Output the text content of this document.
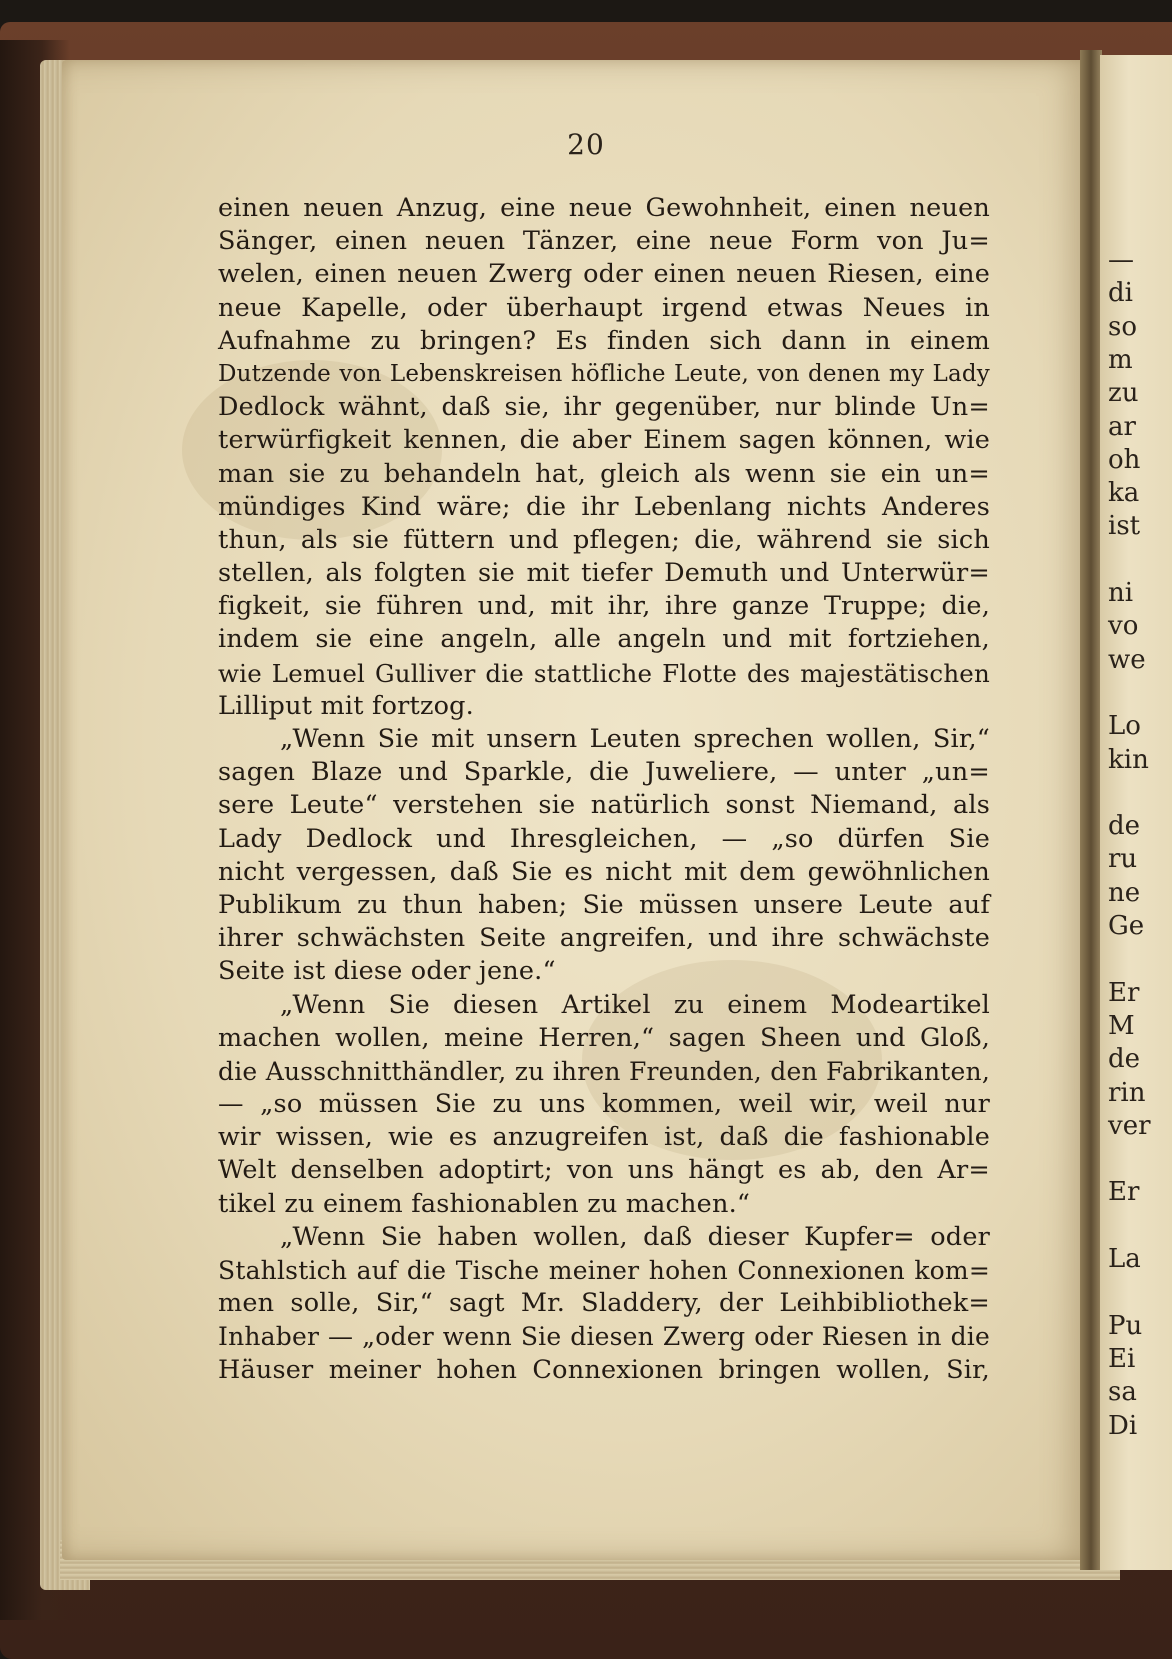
—
di
so
m
zu
ar
oh
ka
ist
ni
vo
we
Lo
kin
de
ru
ne
Ge
Er
M
de
rin
ver
Er
La
Pu
Ei
sa
Di
20
einen neuen Anzug, eine neue Gewohnheit, einen neuen
Sänger, einen neuen Tänzer, eine neue Form von Ju=
welen, einen neuen Zwerg oder einen neuen Riesen, eine
neue Kapelle, oder überhaupt irgend etwas Neues in
Aufnahme zu bringen? Es finden sich dann in einem
Dutzende von Lebenskreisen höfliche Leute, von denen my Lady
Dedlock wähnt, daß sie, ihr gegenüber, nur blinde Un=
terwürfigkeit kennen, die aber Einem sagen können, wie
man sie zu behandeln hat, gleich als wenn sie ein un=
mündiges Kind wäre; die ihr Lebenlang nichts Anderes
thun, als sie füttern und pflegen; die, während sie sich
stellen, als folgten sie mit tiefer Demuth und Unterwür=
figkeit, sie führen und, mit ihr, ihre ganze Truppe; die,
indem sie eine angeln, alle angeln und mit fortziehen,
wie Lemuel Gulliver die stattliche Flotte des majestätischen
Lilliput mit fortzog.
„Wenn Sie mit unsern Leuten sprechen wollen, Sir,“
sagen Blaze und Sparkle, die Juweliere, — unter „un=
sere Leute“ verstehen sie natürlich sonst Niemand, als
Lady Dedlock und Ihresgleichen, — „so dürfen Sie
nicht vergessen, daß Sie es nicht mit dem gewöhnlichen
Publikum zu thun haben; Sie müssen unsere Leute auf
ihrer schwächsten Seite angreifen, und ihre schwächste
Seite ist diese oder jene.“
„Wenn Sie diesen Artikel zu einem Modeartikel
machen wollen, meine Herren,“ sagen Sheen und Gloß,
die Ausschnitthändler, zu ihren Freunden, den Fabrikanten,
— „so müssen Sie zu uns kommen, weil wir, weil nur
wir wissen, wie es anzugreifen ist, daß die fashionable
Welt denselben adoptirt; von uns hängt es ab, den Ar=
tikel zu einem fashionablen zu machen.“
„Wenn Sie haben wollen, daß dieser Kupfer= oder
Stahlstich auf die Tische meiner hohen Connexionen kom=
men solle, Sir,“ sagt Mr. Sladdery, der Leihbibliothek=
Inhaber — „oder wenn Sie diesen Zwerg oder Riesen in die
Häuser meiner hohen Connexionen bringen wollen, Sir,
